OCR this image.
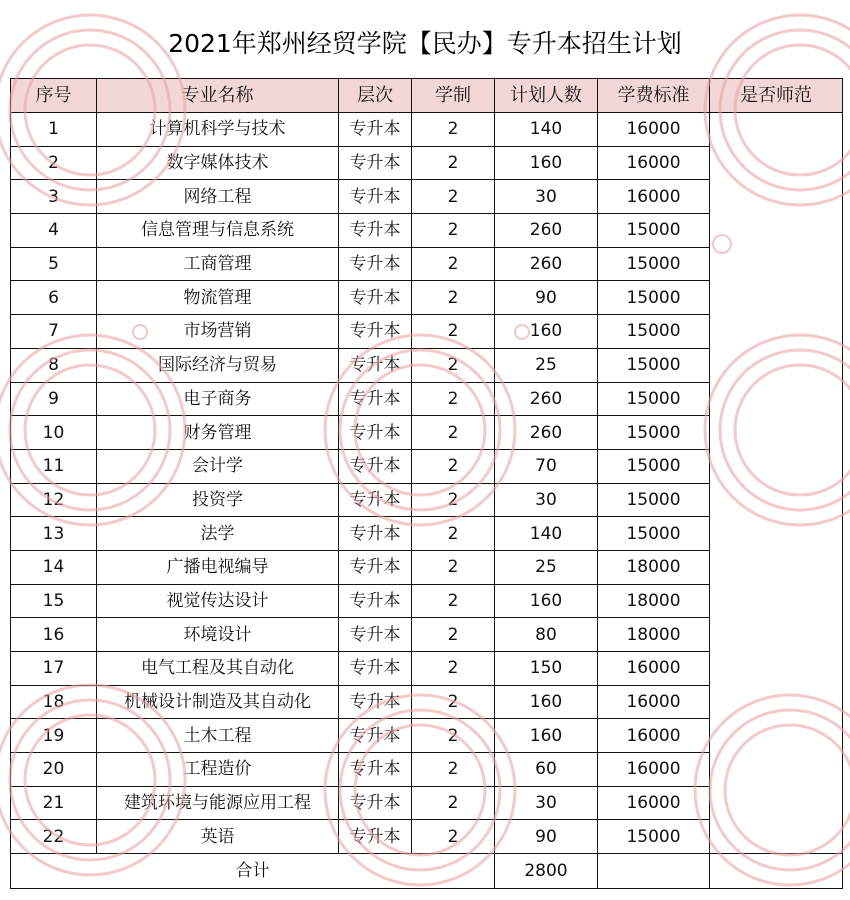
2021年郑州经贸学院【民办】专升本招生计划
序号	专业名称	层次	学制	计划人数	学费标准	是否师范
1	计算机科学与技术	专升本	2	140	16000	
2	数字媒体技术	专升本	2	160	16000	
3	网络工程	专升本	2	30	16000	
4	信息管理与信息系统	专升本	2	260	15000	
5	工商管理	专升本	2	260	15000	
6	物流管理	专升本	2	90	15000	
7	市场营销	专升本	2	160	15000	
8	国际经济与贸易	专升本	2	25	15000	
9	电子商务	专升本	2	260	15000	
10	财务管理	专升本	2	260	15000	
11	会计学	专升本	2	70	15000	
12	投资学	专升本	2	30	15000	
13	法学	专升本	2	140	15000	
14	广播电视编导	专升本	2	25	18000	
15	视觉传达设计	专升本	2	160	18000	
16	环境设计	专升本	2	80	18000	
17	电气工程及其自动化	专升本	2	150	16000	
18	机械设计制造及其自动化	专升本	2	160	16000	
19	土木工程	专升本	2	160	16000	
20	工程造价	专升本	2	60	16000	
21	建筑环境与能源应用工程	专升本	2	30	16000	
22	英语	专升本	2	90	15000	
合计				2800		
